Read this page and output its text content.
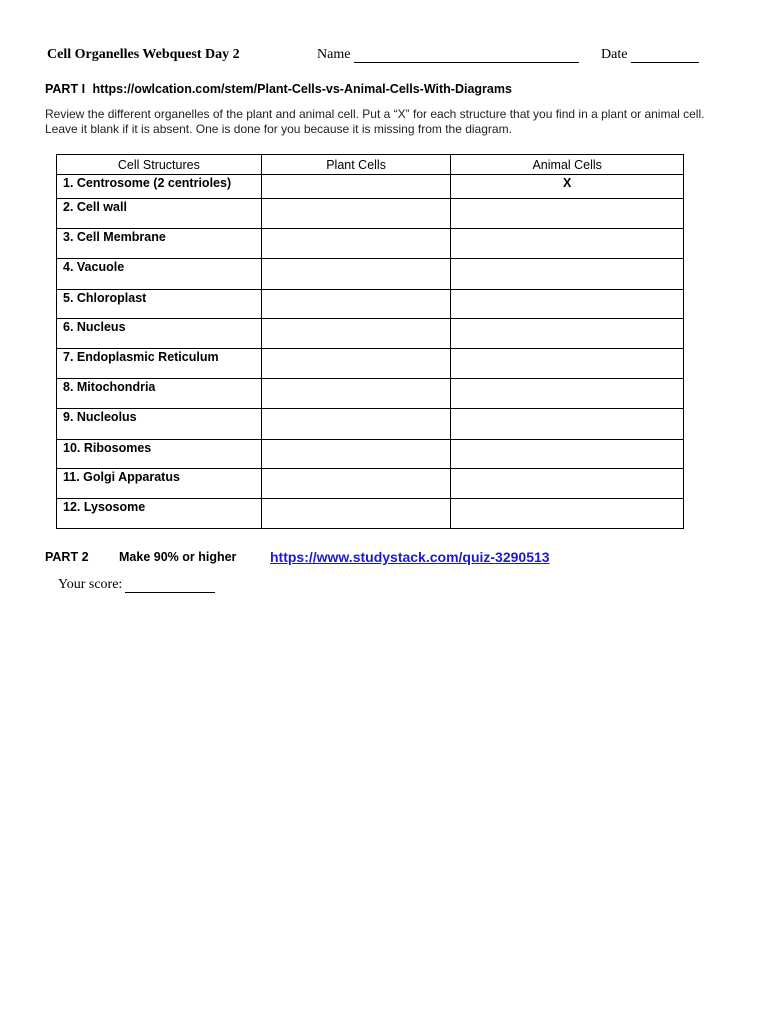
Cell Organelles Webquest Day 2	Name	Date
PART I https://owlcation.com/stem/Plant-Cells-vs-Animal-Cells-With-Diagrams
Review the different organelles of the plant and animal cell. Put a “X” for each structure that you find in a plant or animal cell. Leave it blank if it is absent. One is done for you because it is missing from the diagram.
Cell Structures	Plant Cells	Animal Cells
1. Centrosome (2 centrioles)		X
2. Cell wall		
3. Cell Membrane		
4. Vacuole		
5. Chloroplast		
6. Nucleus		
7. Endoplasmic Reticulum		
8. Mitochondria		
9. Nucleolus		
10. Ribosomes		
11. Golgi Apparatus		
12. Lysosome		
PART 2 Make 90% or higher https://www.studystack.com/quiz-3290513
Your score:
